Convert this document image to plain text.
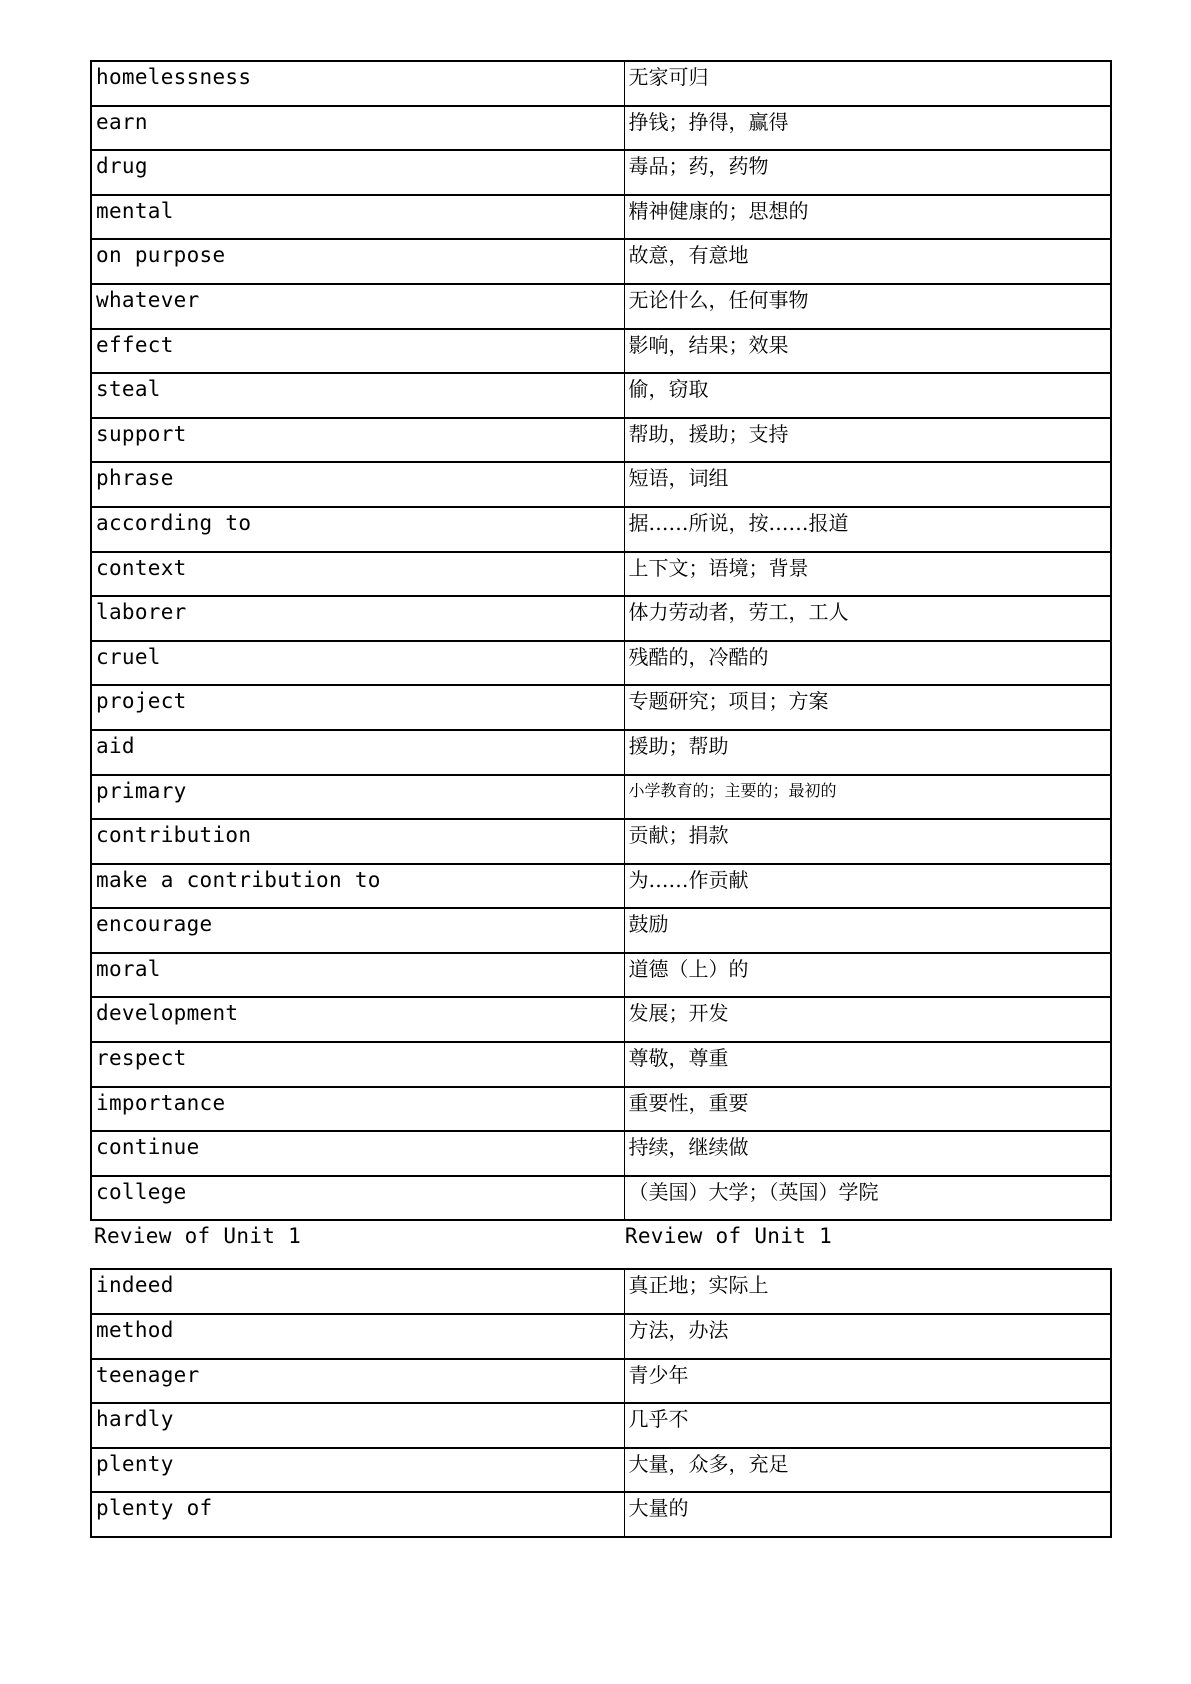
homelessness	无家可归
earn	挣钱；挣得，赢得
drug	毒品；药，药物
mental	精神健康的；思想的
on purpose	故意，有意地
whatever	无论什么，任何事物
effect	影响，结果；效果
steal	偷，窃取
support	帮助，援助；支持
phrase	短语，词组
according to	据……所说，按……报道
context	上下文；语境；背景
laborer	体力劳动者，劳工，工人
cruel	残酷的，冷酷的
project	专题研究；项目；方案
aid	援助；帮助
primary	小学教育的；主要的；最初的
contribution	贡献；捐款
make a contribution to	为……作贡献
encourage	鼓励
moral	道德（上）的
development	发展；开发
respect	尊敬，尊重
importance	重要性，重要
continue	持续，继续做
college	（美国）大学；（英国）学院
Review of Unit 1	Review of Unit 1
indeed	真正地；实际上
method	方法，办法
teenager	青少年
hardly	几乎不
plenty	大量，众多，充足
plenty of	大量的
